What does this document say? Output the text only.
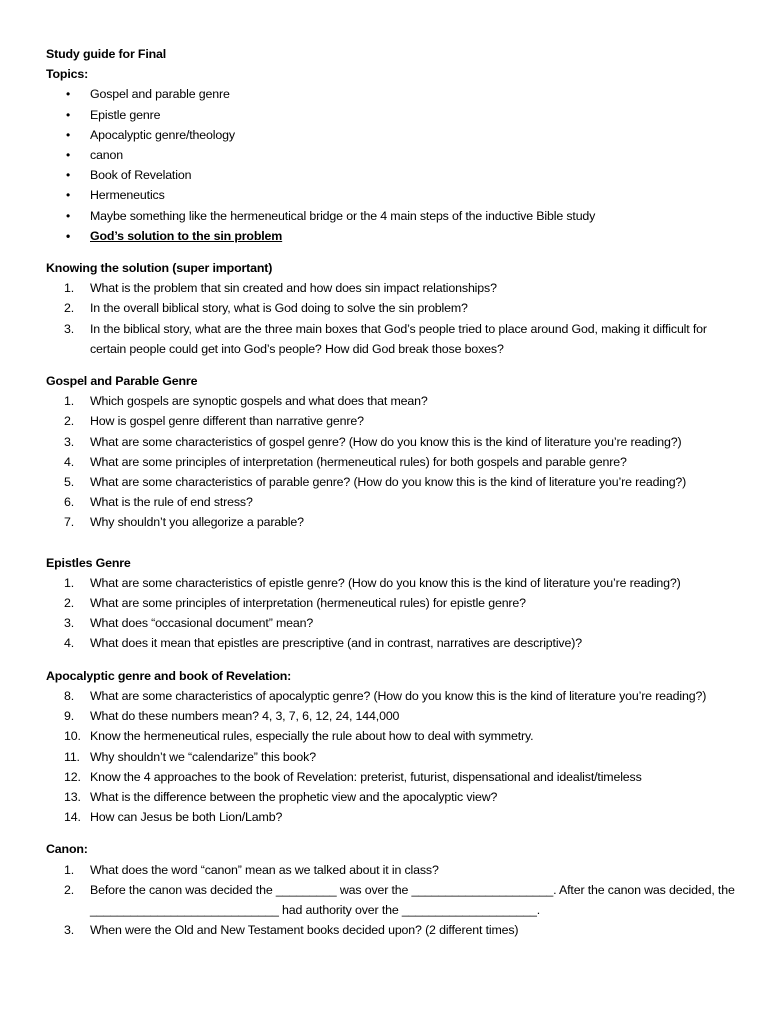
Study guide for Final
Topics:
• Gospel and parable genre
• Epistle genre
• Apocalyptic genre/theology
• canon
• Book of Revelation
• Hermeneutics
• Maybe something like the hermeneutical bridge or the 4 main steps of the inductive Bible study
• God’s solution to the sin problem
Knowing the solution (super important)
1.	What is the problem that sin created and how does sin impact relationships?
2.	In the overall biblical story, what is God doing to solve the sin problem?
3.	In the biblical story, what are the three main boxes that God’s people tried to place around God, making it difficult for certain people could get into God’s people? How did God break those boxes?
Gospel and Parable Genre
1.	Which gospels are synoptic gospels and what does that mean?
2.	How is gospel genre different than narrative genre?
3.	What are some characteristics of gospel genre? (How do you know this is the kind of literature you’re reading?)
4.	What are some principles of interpretation (hermeneutical rules) for both gospels and parable genre?
5.	What are some characteristics of parable genre? (How do you know this is the kind of literature you’re reading?)
6.	What is the rule of end stress?
7.	Why shouldn’t you allegorize a parable?
Epistles Genre
1.	What are some characteristics of epistle genre? (How do you know this is the kind of literature you’re reading?)
2.	What are some principles of interpretation (hermeneutical rules) for epistle genre?
3.	What does “occasional document” mean?
4.	What does it mean that epistles are prescriptive (and in contrast, narratives are descriptive)?
Apocalyptic genre and book of Revelation:
8.	What are some characteristics of apocalyptic genre? (How do you know this is the kind of literature you’re reading?)
9.	What do these numbers mean? 4, 3, 7, 6, 12, 24, 144,000
10. Know the hermeneutical rules, especially the rule about how to deal with symmetry.
11. Why shouldn’t we “calendarize” this book?
12. Know the 4 approaches to the book of Revelation: preterist, futurist, dispensational and idealist/timeless
13. What is the difference between the prophetic view and the apocalyptic view?
14. How can Jesus be both Lion/Lamb?
Canon:
1.	What does the word “canon” mean as we talked about it in class?
2.	Before the canon was decided the _________ was over the _____________________. After the canon was decided, the ____________________________ had authority over the ____________________.
3.	When were the Old and New Testament books decided upon? (2 different times)
